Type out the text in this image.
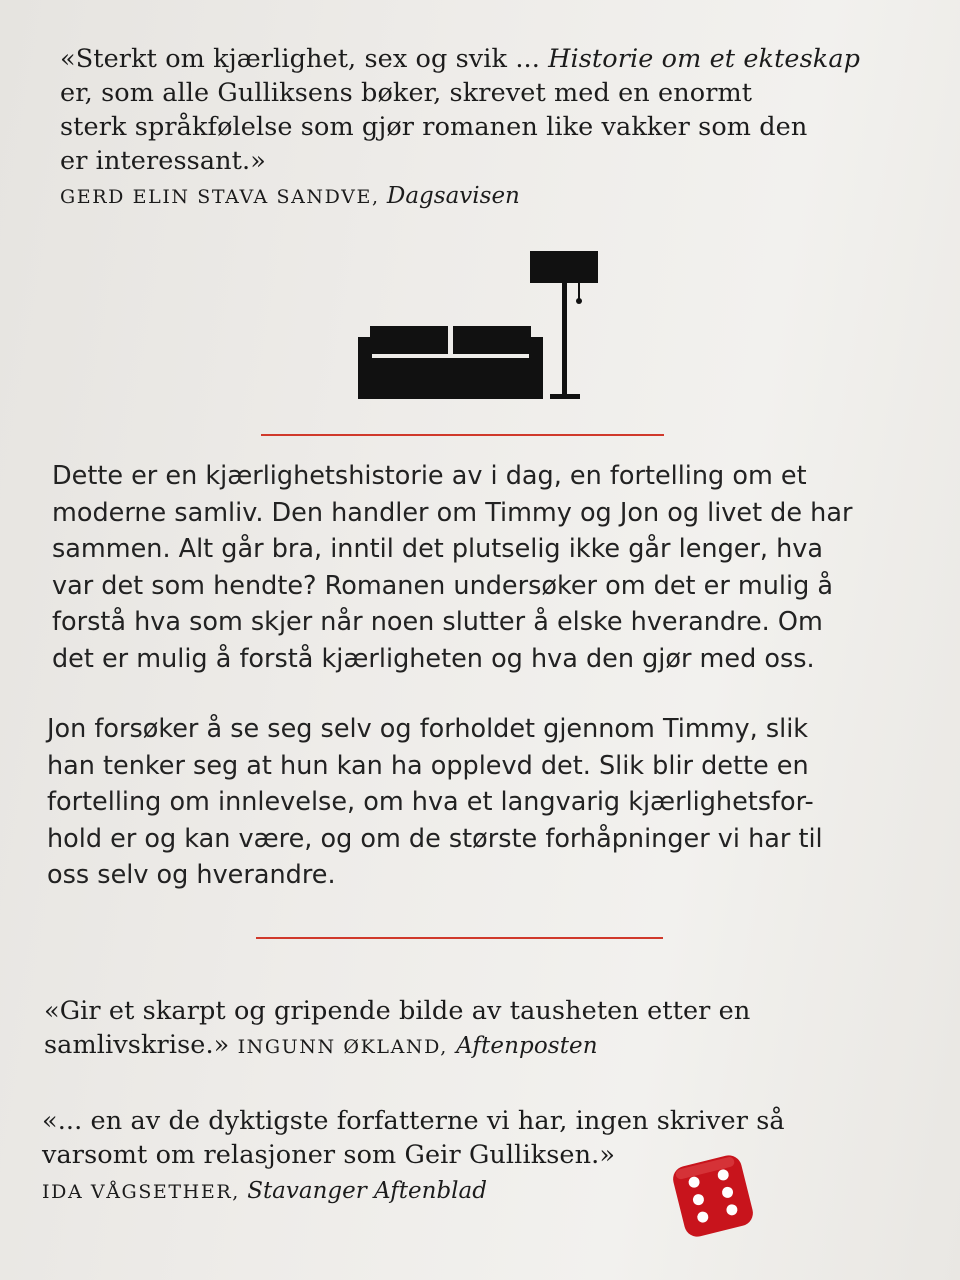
«Sterkt om kjærlighet, sex og svik ... Historie om et ekteskap
er, som alle Gulliksens bøker, skrevet med en enormt
sterk språkfølelse som gjør romanen like vakker som den
er interessant.»
GERD ELIN STAVA SANDVE, Dagsavisen

Dette er en kjærlighetshistorie av i dag, en fortelling om et

moderne samliv. Den handler om Timmy og Jon og livet de har

sammen. Alt går bra, inntil det plutselig ikke går lenger, hva

var det som hendte? Romanen undersøker om det er mulig å

forstå hva som skjer når noen slutter å elske hverandre. Om

det er mulig å forstå kjærligheten og hva den gjør med oss.

Jon forsøker å se seg selv og forholdet gjennom Timmy, slik

han tenker seg at hun kan ha opplevd det. Slik blir dette en

fortelling om innlevelse, om hva et langvarig kjærlighetsfor-

hold er og kan være, og om de største forhåpninger vi har til

oss selv og hverandre.

«Gir et skarpt og gripende bilde av tausheten etter en
samlivskrise.» INGUNN ØKLAND, Aftenposten
«... en av de dyktigste forfatterne vi har, ingen skriver så
varsomt om relasjoner som Geir Gulliksen.»
IDA VÅGSETHER, Stavanger Aftenblad
